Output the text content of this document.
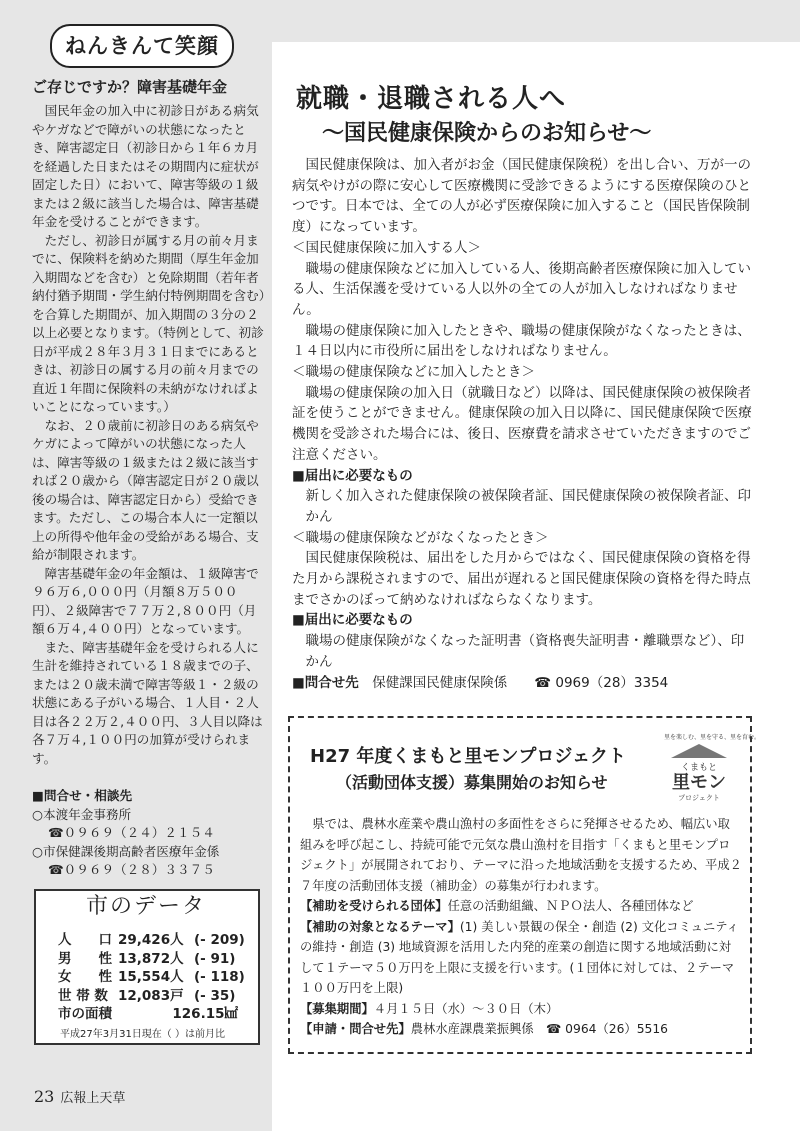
ねんきんて笑顔
ご存じですか？障害基礎年金

国民年金の加入中に初診日がある病気やケガなどで障がいの状態になったとき、障害認定日（初診日から１年６カ月を経過した日またはその期間内に症状が固定した日）において、障害等級の１級または２級に該当した場合は、障害基礎年金を受けることができます。

ただし、初診日が属する月の前々月までに、保険料を納めた期間（厚生年金加入期間などを含む）と免除期間（若年者納付猶予期間・学生納付特例期間を含む）を合算した期間が、加入期間の３分の２以上必要となります。（特例として、初診日が平成２８年３月３１日までにあるときは、初診日の属する月の前々月までの直近１年間に保険料の未納がなければよいことになっています。）

なお、２０歳前に初診日のある病気やケガによって障がいの状態になった人は、障害等級の１級または２級に該当すれば２０歳から（障害認定日が２０歳以後の場合は、障害認定日から）受給できます。ただし、この場合本人に一定額以上の所得や他年金の受給がある場合、支給が制限されます。

障害基礎年金の年金額は、１級障害で９６万６,０００円（月額８万５００円）、２級障害で７７万２,８００円（月額６万４,４００円）となっています。

また、障害基礎年金を受けられる人に生計を維持されている１８歳までの子、または２０歳未満で障害等級１・２級の状態にある子がいる場合、１人目・２人目は各２２万２,４００円、３人目以降は各７万４,１００円の加算が受けられます。

■問合せ・相談先
○本渡年金事務所
☎０９６９（２４）２１５４
○市保健課後期高齢者医療年金係
☎０９６９（２８）３３７５
市のデータ
人　　口 29,426人 (- 209)
男　　性 13,872人 (- 91)
女　　性 15,554人 (- 118)
世 帯 数 12,083戸 (- 35)
市の面積	126.15㎢
平成27年3月31日現在（ ）は前月比
23 広報上天草
就職・退職される人へ
～国民健康保険からのお知らせ～
国民健康保険は、加入者がお金（国民健康保険税）を出し合い、万が一の病気やけがの際に安心して医療機関に受診できるようにする医療保険のひとつです。日本では、全ての人が必ず医療保険に加入すること（国民皆保険制度）になっています。
＜国民健康保険に加入する人＞
職場の健康保険などに加入している人、後期高齢者医療保険に加入している人、生活保護を受けている人以外の全ての人が加入しなければなりません。
職場の健康保険に加入したときや、職場の健康保険がなくなったときは、１４日以内に市役所に届出をしなければなりません。
＜職場の健康保険などに加入したとき＞
職場の健康保険の加入日（就職日など）以降は、国民健康保険の被保険者証を使うことができません。健康保険の加入日以降に、国民健康保険で医療機関を受診された場合には、後日、医療費を請求させていただきますのでご注意ください。
■届出に必要なもの
新しく加入された健康保険の被保険者証、国民健康保険の被保険者証、印かん
＜職場の健康保険などがなくなったとき＞
国民健康保険税は、届出をした月からではなく、国民健康保険の資格を得た月から課税されますので、届出が遅れると国民健康保険の資格を得た時点までさかのぼって納めなければならなくなります。
■届出に必要なもの
職場の健康保険がなくなった証明書（資格喪失証明書・離職票など）、印かん
■問合せ先　 保健課国民健康保険係　　 ☎ 0969（28）3354
H27 年度くまもと里モンプロジェクト
（活動団体支援）募集開始のお知らせ
里を楽しむ、里を守る、里を育む。
くまもと
里モン
プロジェクト
県では、農林水産業や農山漁村の多面性をさらに発揮させるため、幅広い取組みを呼び起こし、持続可能で元気な農山漁村を目指す「くまもと里モンプロジェクト」が展開されており、テーマに沿った地域活動を支援するため、平成２７年度の活動団体支援（補助金）の募集が行われます。
【補助を受けられる団体】任意の活動組織、ＮＰＯ法人、各種団体など
【補助の対象となるテーマ】(1) 美しい景観の保全・創造 (2) 文化コミュニティの維持・創造 (3) 地域資源を活用した内発的産業の創造に関する地域活動に対して１テーマ５０万円を上限に支援を行います。(１団体に対しては、２テーマ１００万円を上限)
【募集期間】４月１５日（水）～３０日（木）
【申請・問合せ先】農林水産課農業振興係　☎ 0964（26）5516
